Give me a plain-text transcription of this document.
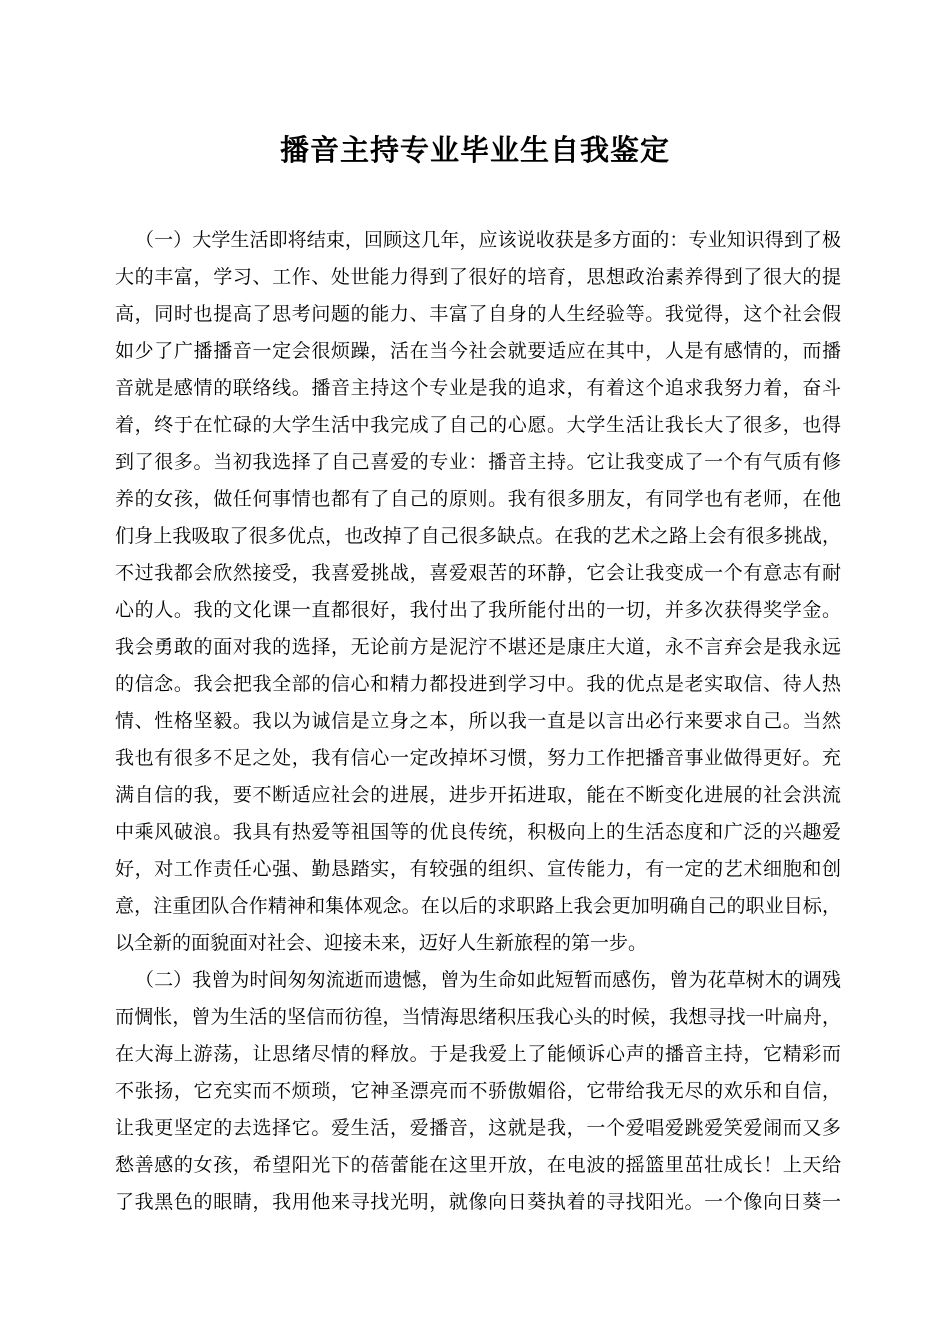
播音主持专业毕业生自我鉴定
（一）大学生活即将结束，回顾这几年，应该说收获是多方面的：专业知识得到了极
大的丰富，学习、工作、处世能力得到了很好的培育，思想政治素养得到了很大的提
高，同时也提高了思考问题的能力、丰富了自身的人生经验等。我觉得，这个社会假
如少了广播播音一定会很烦躁，活在当今社会就要适应在其中，人是有感情的，而播
音就是感情的联络线。播音主持这个专业是我的追求，有着这个追求我努力着，奋斗
着，终于在忙碌的大学生活中我完成了自己的心愿。大学生活让我长大了很多，也得
到了很多。当初我选择了自己喜爱的专业：播音主持。它让我变成了一个有气质有修
养的女孩，做任何事情也都有了自己的原则。我有很多朋友，有同学也有老师，在他
们身上我吸取了很多优点，也改掉了自己很多缺点。在我的艺术之路上会有很多挑战，
不过我都会欣然接受，我喜爱挑战，喜爱艰苦的环静，它会让我变成一个有意志有耐
心的人。我的文化课一直都很好，我付出了我所能付出的一切，并多次获得奖学金。
我会勇敢的面对我的选择，无论前方是泥泞不堪还是康庄大道，永不言弃会是我永远
的信念。我会把我全部的信心和精力都投进到学习中。我的优点是老实取信、待人热
情、性格坚毅。我以为诚信是立身之本，所以我一直是以言出必行来要求自己。当然
我也有很多不足之处，我有信心一定改掉坏习惯，努力工作把播音事业做得更好。充
满自信的我，要不断适应社会的进展，进步开拓进取，能在不断变化进展的社会洪流
中乘风破浪。我具有热爱等祖国等的优良传统，积极向上的生活态度和广泛的兴趣爱
好，对工作责任心强、勤恳踏实，有较强的组织、宣传能力，有一定的艺术细胞和创
意，注重团队合作精神和集体观念。在以后的求职路上我会更加明确自己的职业目标，
以全新的面貌面对社会、迎接未来，迈好人生新旅程的第一步。
（二）我曾为时间匆匆流逝而遗憾，曾为生命如此短暂而感伤，曾为花草树木的调残
而惆怅，曾为生活的坚信而彷徨，当情海思绪积压我心头的时候，我想寻找一叶扁舟，
在大海上游荡，让思绪尽情的释放。于是我爱上了能倾诉心声的播音主持，它精彩而
不张扬，它充实而不烦琐，它神圣漂亮而不骄傲媚俗，它带给我无尽的欢乐和自信，
让我更坚定的去选择它。爱生活，爱播音，这就是我，一个爱唱爱跳爱笑爱闹而又多
愁善感的女孩，希望阳光下的蓓蕾能在这里开放，在电波的摇篮里茁壮成长！上天给
了我黑色的眼睛，我用他来寻找光明，就像向日葵执着的寻找阳光。一个像向日葵一
